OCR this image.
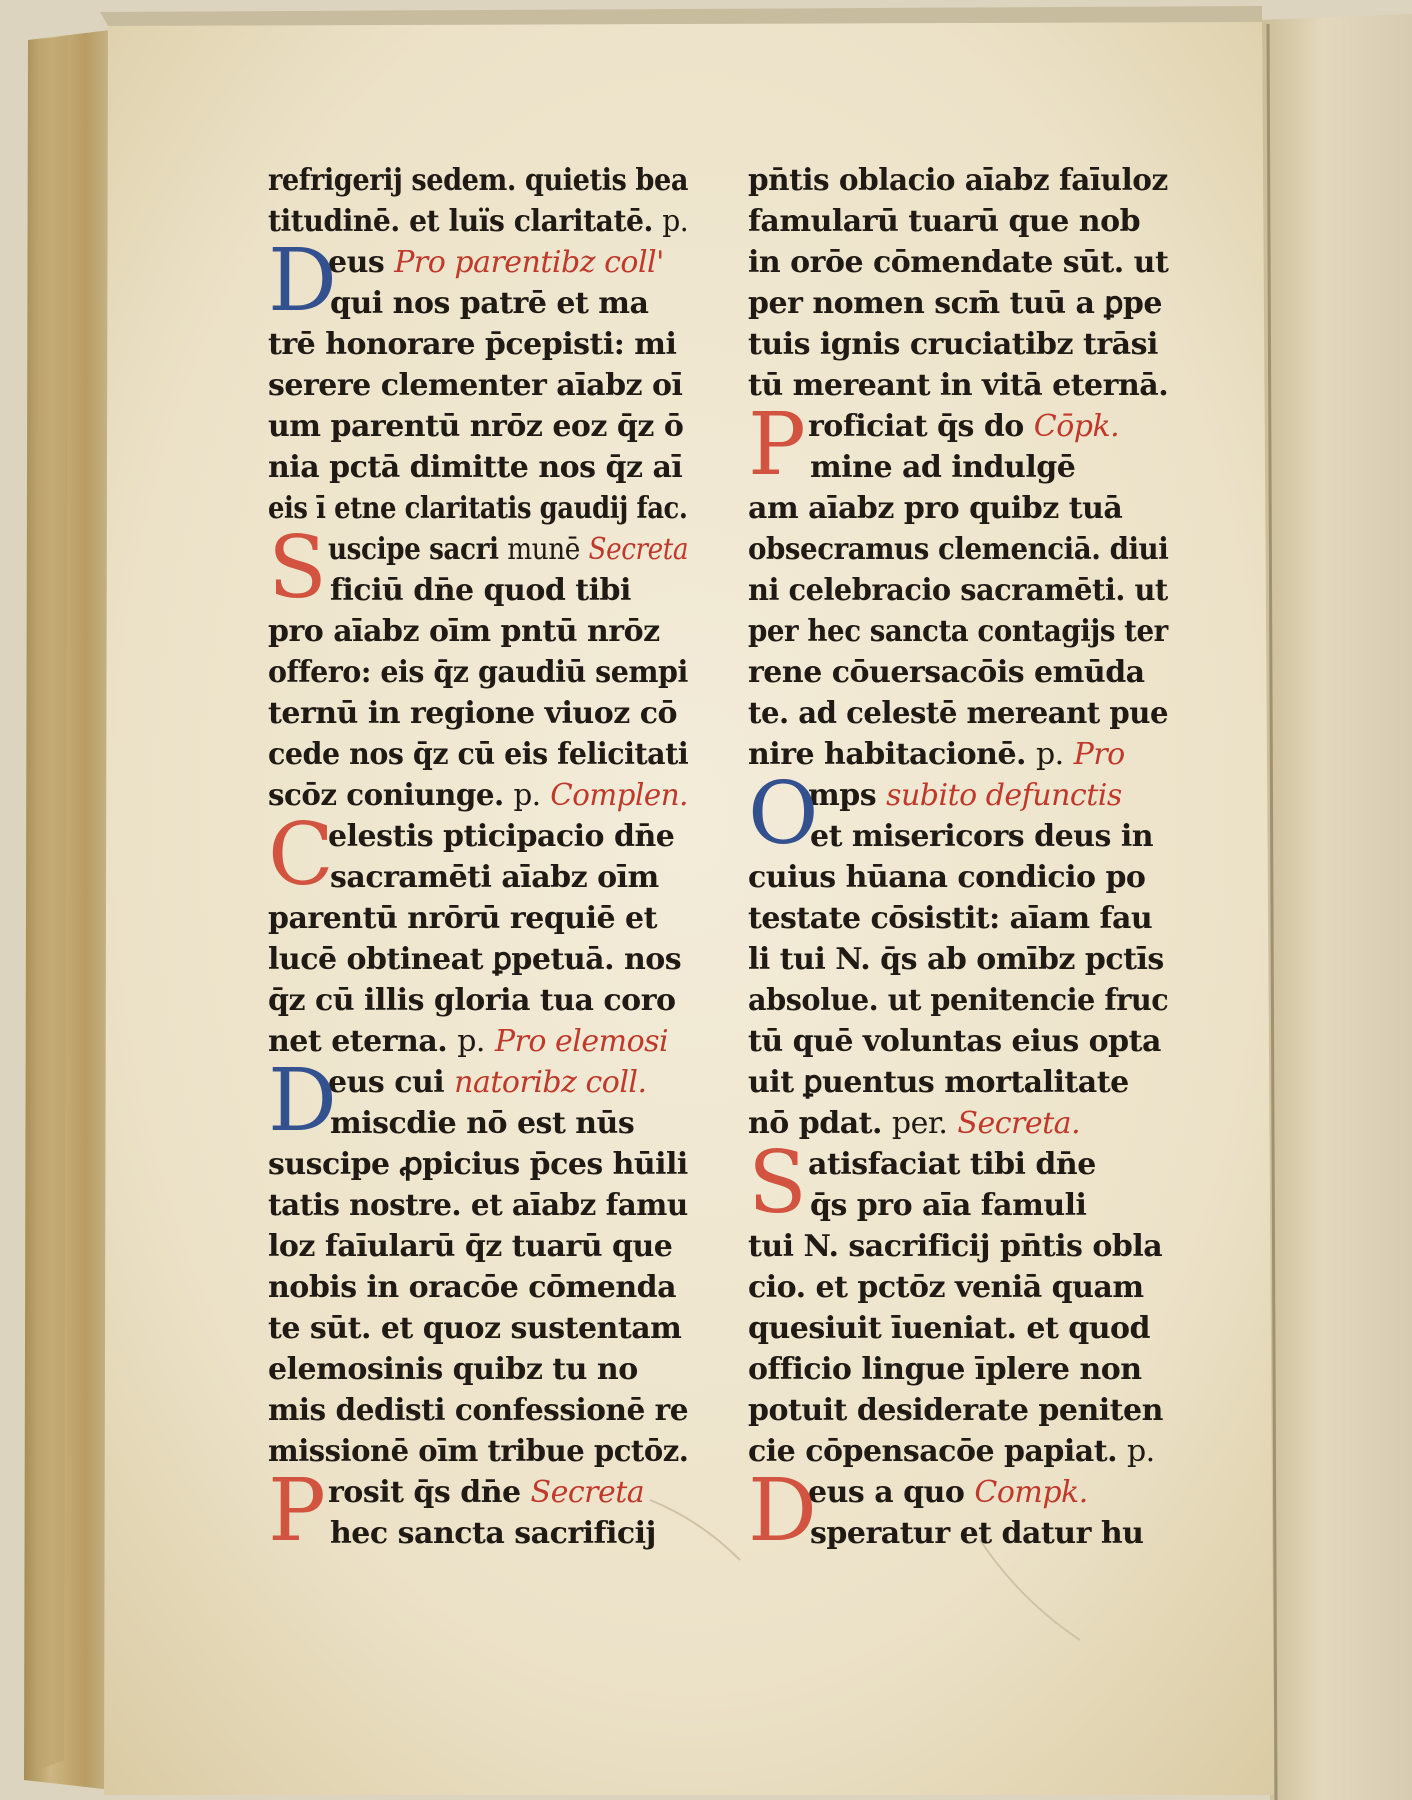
refrigerij sedem. quietis bea
titudinē. et luïs claritatē. p.
D
eus Pro parentibz coll'
qui nos patrē et ma
trē honorare p̄cepisti: mi
serere clementer aīabz oī
um parentū nrōz eoz q̄z ō
nia pctā dimitte nos q̄z aī
eis ī etne claritatis gaudij fac.
S uscipe sacri munē Secreta
ficiū dn̄e quod tibi
pro aīabz oīm pntū nrōz
offero: eis q̄z gaudiū sempi
ternū in regione viuoz cō
cede nos q̄z cū eis felicitati
scōz coniunge. p. Complen.
C
elestis pticipacio dn̄e
sacramēti aīabz oīm
parentū nrōrū requiē et
lucē obtineat ꝑpetuā. nos
q̄z cū illis gloria tua coro
net eterna. p. Pro elemosi
D
eus cui natoribz coll.
miscdie nō est nūs
suscipe ꝓpicius p̄ces hūili
tatis nostre. et aīabz famu
loz faīularū q̄z tuarū que
nobis in oracōe cōmenda
te sūt. et quoz sustentam
elemosinis quibz tu no
mis dedisti confessionē re
missionē oīm tribue pctōz.
P rosit q̄s dn̄e Secreta
hec sancta sacrificij
pn̄tis oblacio aīabz faīuloz
famularū tuarū que nob
in orōe cōmendate sūt. ut
per nomen scm̄ tuū a ꝑpe
tuis ignis cruciatibz trāsi
tū mereant in vitā eternā.
P roficiat q̄s do Cōpk.
mine ad indulgē
am aīabz pro quibz tuā
obsecramus clemenciā. diui
ni celebracio sacramēti. ut
per hec sancta contagijs ter
rene cōuersacōis emūda
te. ad celestē mereant pue
nire habitacionē. p. Pro
O
mps subito defunctis
et misericors deus in
cuius hūana condicio po
testate cōsistit: aīam fau
li tui N. q̄s ab omībz pctīs
absolue. ut penitencie fruc
tū quē voluntas eius opta
uit ꝑuentus mortalitate
nō pdat. per. Secreta.
S atisfaciat tibi dn̄e
q̄s pro aīa famuli
tui N. sacrificij pn̄tis obla
cio. et pctōz veniā quam
quesiuit īueniat. et quod
officio lingue īplere non
potuit desiderate peniten
cie cōpensacōe papiat. p.
D
eus a quo Compk.
speratur et datur hu
